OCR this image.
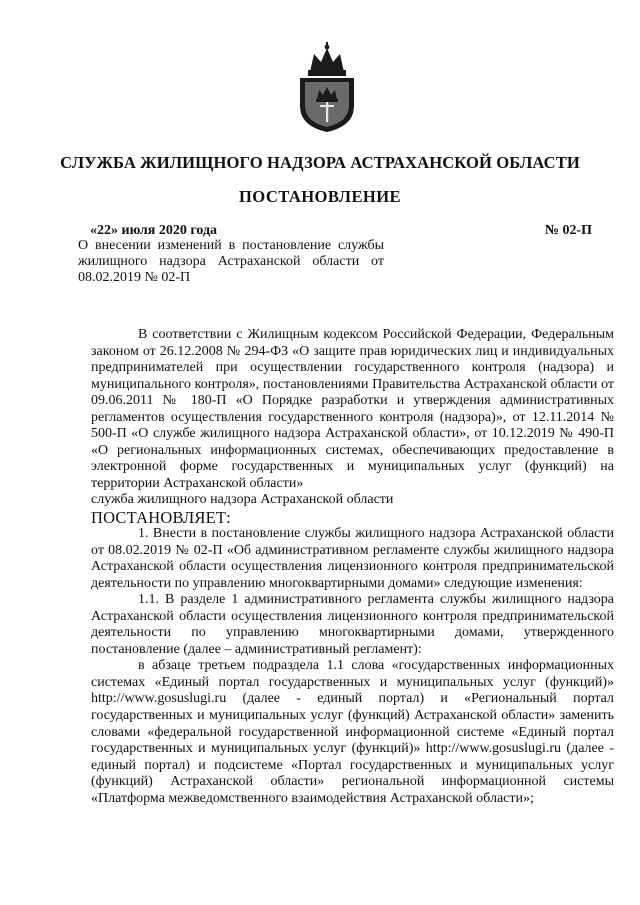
СЛУЖБА ЖИЛИЩНОГО НАДЗОРА АСТРАХАНСКОЙ ОБЛАСТИ
ПОСТАНОВЛЕНИЕ
«22» июля 2020 года	№ 02-П
О внесении изменений в постановление службы жилищного надзора Астраханской области от 08.02.2019 № 02-П

В соответствии с Жилищным кодексом Российской Федерации, Федеральным законом от 26.12.2008 № 294-ФЗ «О защите прав юридических лиц и индивидуальных предпринимателей при осуществлении государственного контроля (надзора) и муниципального контроля», постановлениями Правительства Астраханской области от 09.06.2011 № 180-П «О Порядке разработки и утверждения административных регламентов осуществления государственного контроля (надзора)», от 12.11.2014 № 500-П «О службе жилищного надзора Астраханской области», от 10.12.2019 № 490-П «О региональных информационных системах, обеспечивающих предоставление в электронной форме государственных и муниципальных услуг (функций) на территории Астраханской области»

служба жилищного надзора Астраханской области

ПОСТАНОВЛЯЕТ:

1. Внести в постановление службы жилищного надзора Астраханской области от 08.02.2019 № 02-П «Об административном регламенте службы жилищного надзора Астраханской области осуществления лицензионного контроля предпринимательской деятельности по управлению многоквартирными домами» следующие изменения:

1.1. В разделе 1 административного регламента службы жилищного надзора Астраханской области осуществления лицензионного контроля предпринимательской деятельности по управлению многоквартирными домами, утвержденного постановление (далее – административный регламент):

в абзаце третьем подраздела 1.1 слова «государственных информационных системах «Единый портал государственных и муниципальных услуг (функций)» http://www.gosuslugi.ru (далее - единый портал) и «Региональный портал государственных и муниципальных услуг (функций) Астраханской области» заменить словами «федеральной государственной информационной системе «Единый портал государственных и муниципальных услуг (функций)» http://www.gosuslugi.ru (далее - единый портал) и подсистеме «Портал государственных и муниципальных услуг (функций) Астраханской области» региональной информационной системы «Платформа межведомственного взаимодействия Астраханской области»;
